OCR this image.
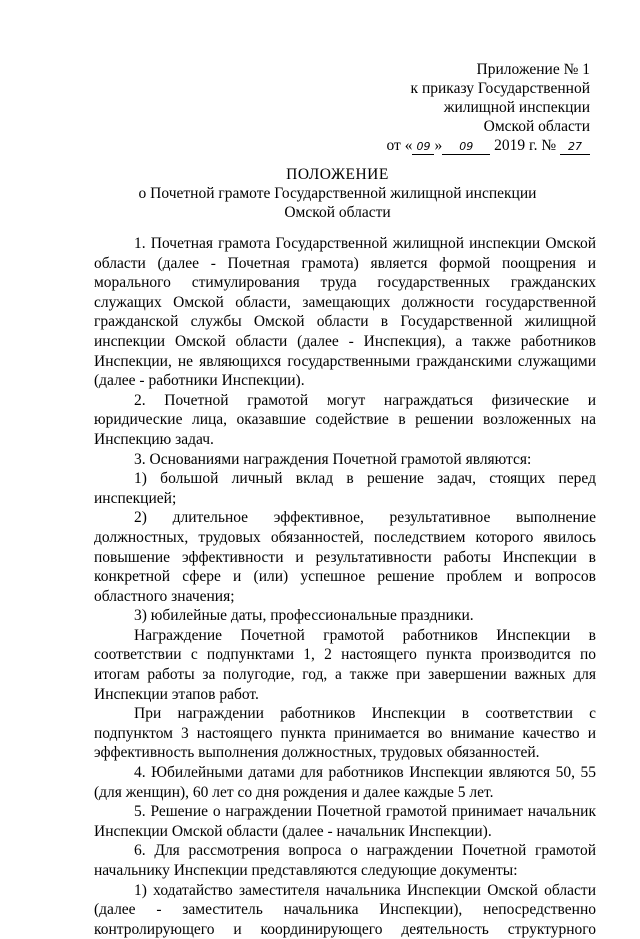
Приложение № 1
к приказу Государственной
жилищной инспекции
Омской области
от « 09 » 09 2019 г. № 27
ПОЛОЖЕНИЕ
о Почетной грамоте Государственной жилищной инспекции
Омской области

1. Почетная грамота Государственной жилищной инспекции Омской области (далее - Почетная грамота) является формой поощрения и морального стимулирования труда государственных гражданских служащих Омской области, замещающих должности государственной гражданской службы Омской области в Государственной жилищной инспекции Омской области (далее - Инспекция), а также работников Инспекции, не являющихся государственными гражданскими служащими (далее - работники Инспекции).

2. Почетной грамотой могут награждаться физические и юридические лица, оказавшие содействие в решении возложенных на Инспекцию задач.

3. Основаниями награждения Почетной грамотой являются:

1) большой личный вклад в решение задач, стоящих перед инспекцией;

2) длительное эффективное, результативное выполнение должностных, трудовых обязанностей, последствием которого явилось повышение эффективности и результативности работы Инспекции в конкретной сфере и (или) успешное решение проблем и вопросов областного значения;

3) юбилейные даты, профессиональные праздники.

Награждение Почетной грамотой работников Инспекции в соответствии с подпунктами 1, 2 настоящего пункта производится по итогам работы за полугодие, год, а также при завершении важных для Инспекции этапов работ.

При награждении работников Инспекции в соответствии с подпунктом 3 настоящего пункта принимается во внимание качество и эффективность выполнения должностных, трудовых обязанностей.

4. Юбилейными датами для работников Инспекции являются 50, 55 (для женщин), 60 лет со дня рождения и далее каждые 5 лет.

5. Решение о награждении Почетной грамотой принимает начальник Инспекции Омской области (далее - начальник Инспекции).

6. Для рассмотрения вопроса о награждении Почетной грамотой начальнику Инспекции представляются следующие документы:

1) ходатайство заместителя начальника Инспекции Омской области (далее - заместитель начальника Инспекции), непосредственно контролирующего и координирующего деятельность структурного
